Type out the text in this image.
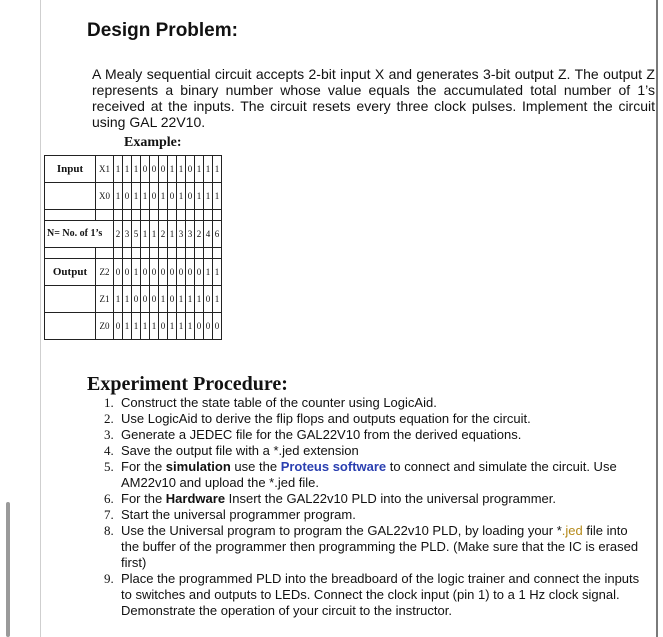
Design Problem:

A Mealy sequential circuit accepts 2-bit input X and generates 3-bit output Z. The output Z represents a binary number whose value equals the accumulated total number of 1’s received at the inputs. The circuit resets every three clock pulses. Implement the circuit using GAL 22V10.

Example:

Input	X1	1	1	1	0	0	0	1	1	0	1	1	1
	X0	1	0	1	1	0	1	0	1	0	1	1	1

N= No. of 1’s		2	3	5	1	1	2	1	3	3	2	4	6

Output	Z2	0	0	1	0	0	0	0	0	0	0	1	1
	Z1	1	1	0	0	0	1	0	1	1	1	0	1
	Z0	0	1	1	1	1	0	1	1	1	0	0	0
Experiment Procedure:
1. Construct the state table of the counter using LogicAid.
2. Use LogicAid to derive the flip flops and outputs equation for the circuit.
3. Generate a JEDEC file for the GAL22V10 from the derived equations.
4. Save the output file with a *.jed extension
5. For the simulation use the Proteus software to connect and simulate the circuit. Use AM22v10 and upload the *.jed file.
6. For the Hardware Insert the GAL22v10 PLD into the universal programmer.
7. Start the universal programmer program.
8. Use the Universal program to program the GAL22v10 PLD, by loading your *.jed file into the buffer of the programmer then programming the PLD. (Make sure that the IC is erased first)
9. Place the programmed PLD into the breadboard of the logic trainer and connect the inputs to switches and outputs to LEDs. Connect the clock input (pin 1) to a 1 Hz clock signal. Demonstrate the operation of your circuit to the instructor.
